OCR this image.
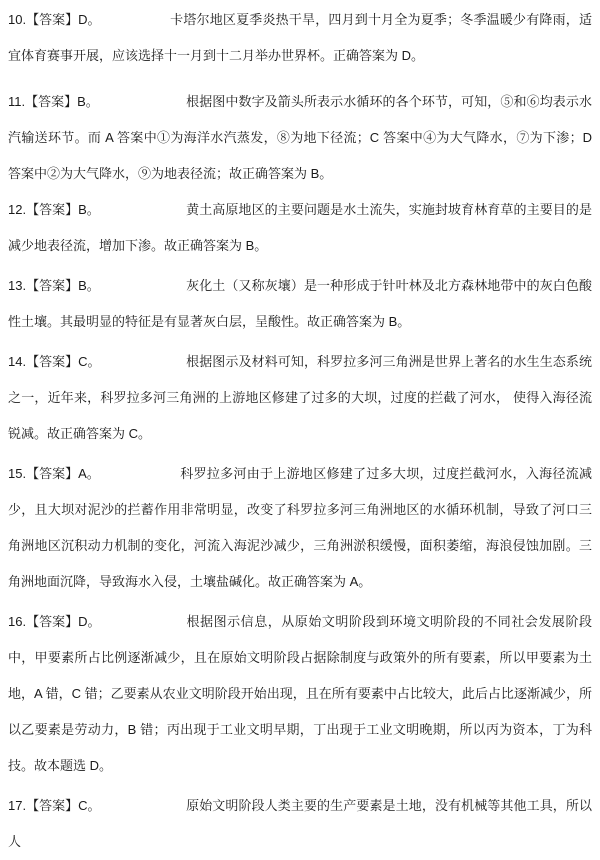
10.【答案】D。	卡塔尔地区夏季炎热干旱，四月到十月全为夏季；冬季温暖少有降雨，适宜体育赛事开展，应该选择十一月到十二月举办世界杯。正确答案为 D。

11.【答案】B。	根据图中数字及箭头所表示水循环的各个环节，可知，⑤和⑥均表示水汽输送环节。而 A 答案中①为海洋水汽蒸发，⑧为地下径流；C 答案中④为大气降水，⑦为下渗；D 答案中②为大气降水，⑨为地表径流；故正确答案为 B。

12.【答案】B。	黄土高原地区的主要问题是水土流失，实施封坡育林育草的主要目的是减少地表径流，增加下渗。故正确答案为 B。

13.【答案】B。	灰化土（又称灰壤）是一种形成于针叶林及北方森林地带中的灰白色酸性土壤。其最明显的特征是有显著灰白层，呈酸性。故正确答案为 B。

14.【答案】C。	根据图示及材料可知，科罗拉多河三角洲是世界上著名的水生生态系统之一，近年来，科罗拉多河三角洲的上游地区修建了过多的大坝，过度的拦截了河水， 使得入海径流锐减。故正确答案为 C。

15.【答案】A。	科罗拉多河由于上游地区修建了过多大坝，过度拦截河水，入海径流减少，且大坝对泥沙的拦蓄作用非常明显，改变了科罗拉多河三角洲地区的水循环机制，导致了河口三角洲地区沉积动力机制的变化，河流入海泥沙减少，三角洲淤积缓慢，面积萎缩，海浪侵蚀加剧。三角洲地面沉降，导致海水入侵，土壤盐碱化。故正确答案为 A。

16.【答案】D。	根据图示信息，从原始文明阶段到环境文明阶段的不同社会发展阶段中，甲要素所占比例逐渐减少，且在原始文明阶段占据除制度与政策外的所有要素，所以甲要素为土地，A 错，C 错；乙要素从农业文明阶段开始出现，且在所有要素中占比较大，此后占比逐渐减少，所以乙要素是劳动力，B 错；丙出现于工业文明早期，丁出现于工业文明晚期，所以丙为资本，丁为科技。故本题选 D。

17.【答案】C。	原始文明阶段人类主要的生产要素是土地，没有机械等其他工具，所以人
